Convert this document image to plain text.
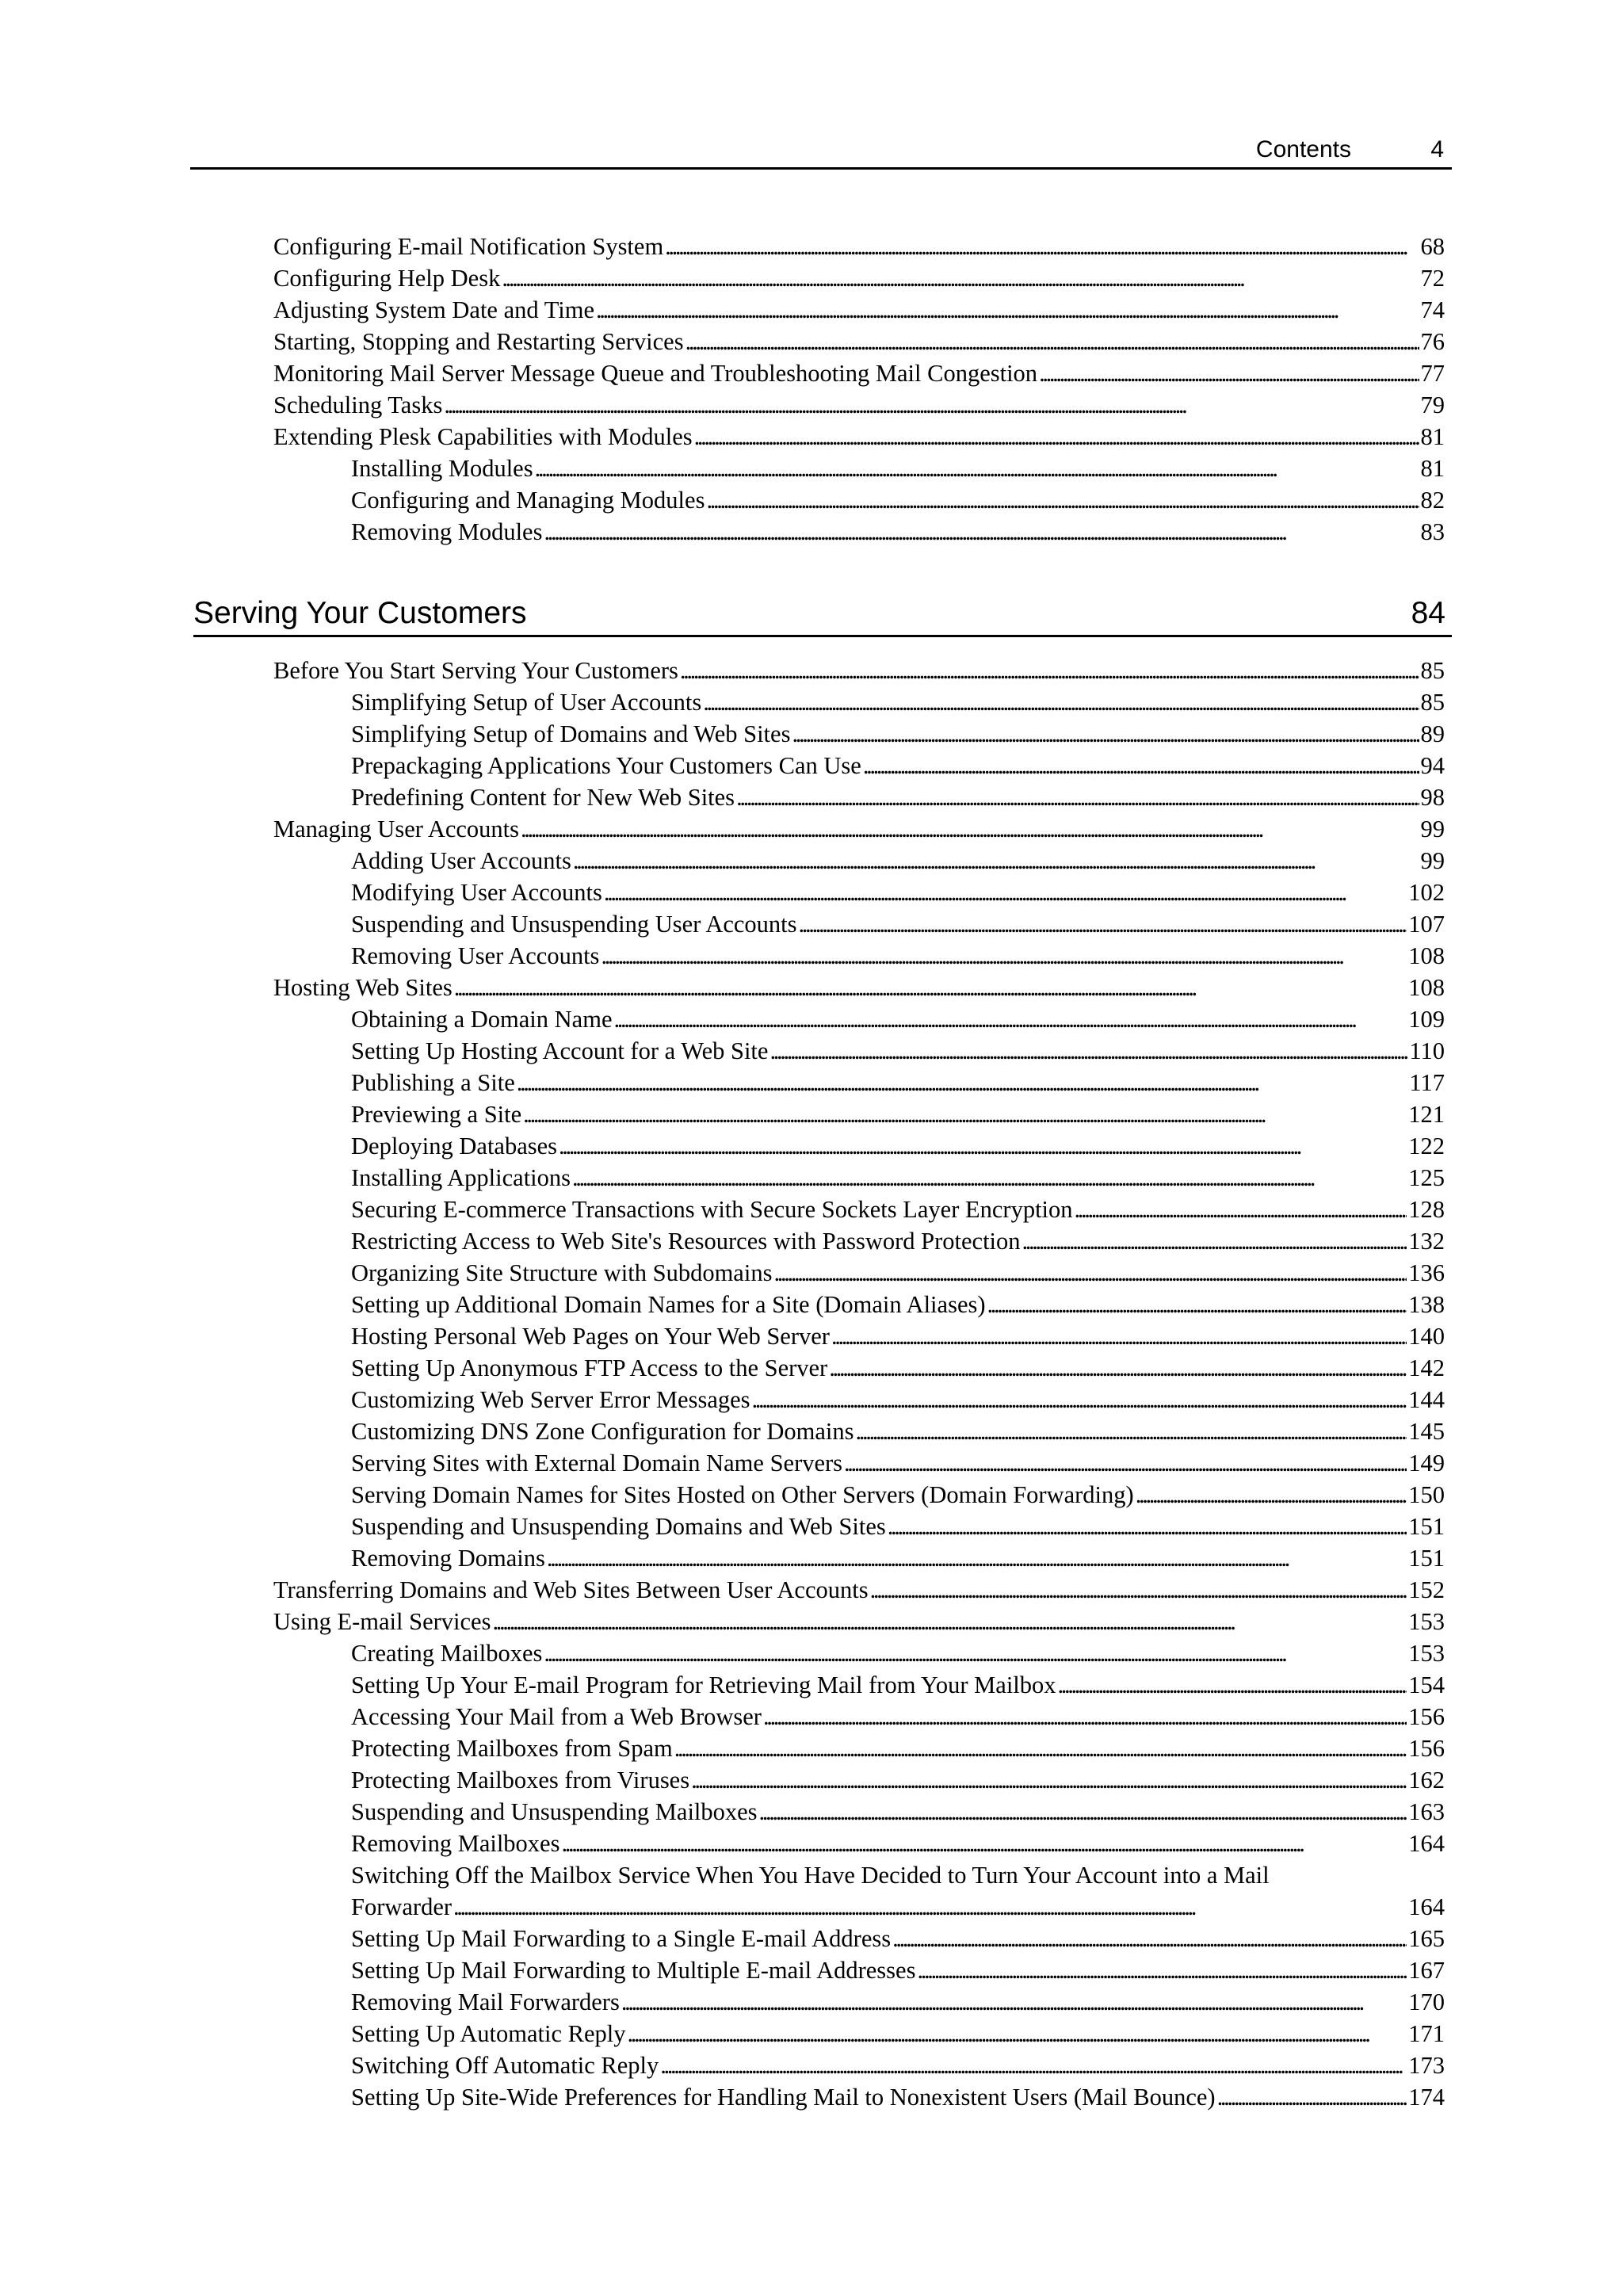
Contents	4
Configuring E-mail Notification System . . .	68
Configuring Help Desk . . .	72
Adjusting System Date and Time . . .	74
Starting, Stopping and Restarting Services . . .	76
Monitoring Mail Server Message Queue and Troubleshooting Mail Congestion . . .	77
Scheduling Tasks . . .	79
Extending Plesk Capabilities with Modules . . .	81
Installing Modules . . .	81
Configuring and Managing Modules . . .	82
Removing Modules . . .	83
Serving Your Customers	84
Before You Start Serving Your Customers . . .	85
Simplifying Setup of User Accounts . . .	85
Simplifying Setup of Domains and Web Sites . . .	89
Prepackaging Applications Your Customers Can Use . . .	94
Predefining Content for New Web Sites . . .	98
Managing User Accounts . . .	99
Adding User Accounts . . .	99
Modifying User Accounts . . .	102
Suspending and Unsuspending User Accounts . . .	107
Removing User Accounts . . .	108
Hosting Web Sites . . .	108
Obtaining a Domain Name . . .	109
Setting Up Hosting Account for a Web Site . . .	110
Publishing a Site . . .	117
Previewing a Site . . .	121
Deploying Databases . . .	122
Installing Applications . . .	125
Securing E-commerce Transactions with Secure Sockets Layer Encryption . . .	128
Restricting Access to Web Site's Resources with Password Protection . . .	132
Organizing Site Structure with Subdomains . . .	136
Setting up Additional Domain Names for a Site (Domain Aliases) . . .	138
Hosting Personal Web Pages on Your Web Server . . .	140
Setting Up Anonymous FTP Access to the Server . . .	142
Customizing Web Server Error Messages . . .	144
Customizing DNS Zone Configuration for Domains . . .	145
Serving Sites with External Domain Name Servers . . .	149
Serving Domain Names for Sites Hosted on Other Servers (Domain Forwarding) . . .	150
Suspending and Unsuspending Domains and Web Sites . . .	151
Removing Domains . . .	151
Transferring Domains and Web Sites Between User Accounts . . .	152
Using E-mail Services . . .	153
Creating Mailboxes . . .	153
Setting Up Your E-mail Program for Retrieving Mail from Your Mailbox . . .	154
Accessing Your Mail from a Web Browser . . .	156
Protecting Mailboxes from Spam . . .	156
Protecting Mailboxes from Viruses . . .	162
Suspending and Unsuspending Mailboxes . . .	163
Removing Mailboxes . . .	164
Switching Off the Mailbox Service When You Have Decided to Turn Your Account into a Mail
Forwarder . . .	164
Setting Up Mail Forwarding to a Single E-mail Address . . .	165
Setting Up Mail Forwarding to Multiple E-mail Addresses . . .	167
Removing Mail Forwarders . . .	170
Setting Up Automatic Reply . . .	171
Switching Off Automatic Reply . . .	173
Setting Up Site-Wide Preferences for Handling Mail to Nonexistent Users (Mail Bounce) . . .	174
